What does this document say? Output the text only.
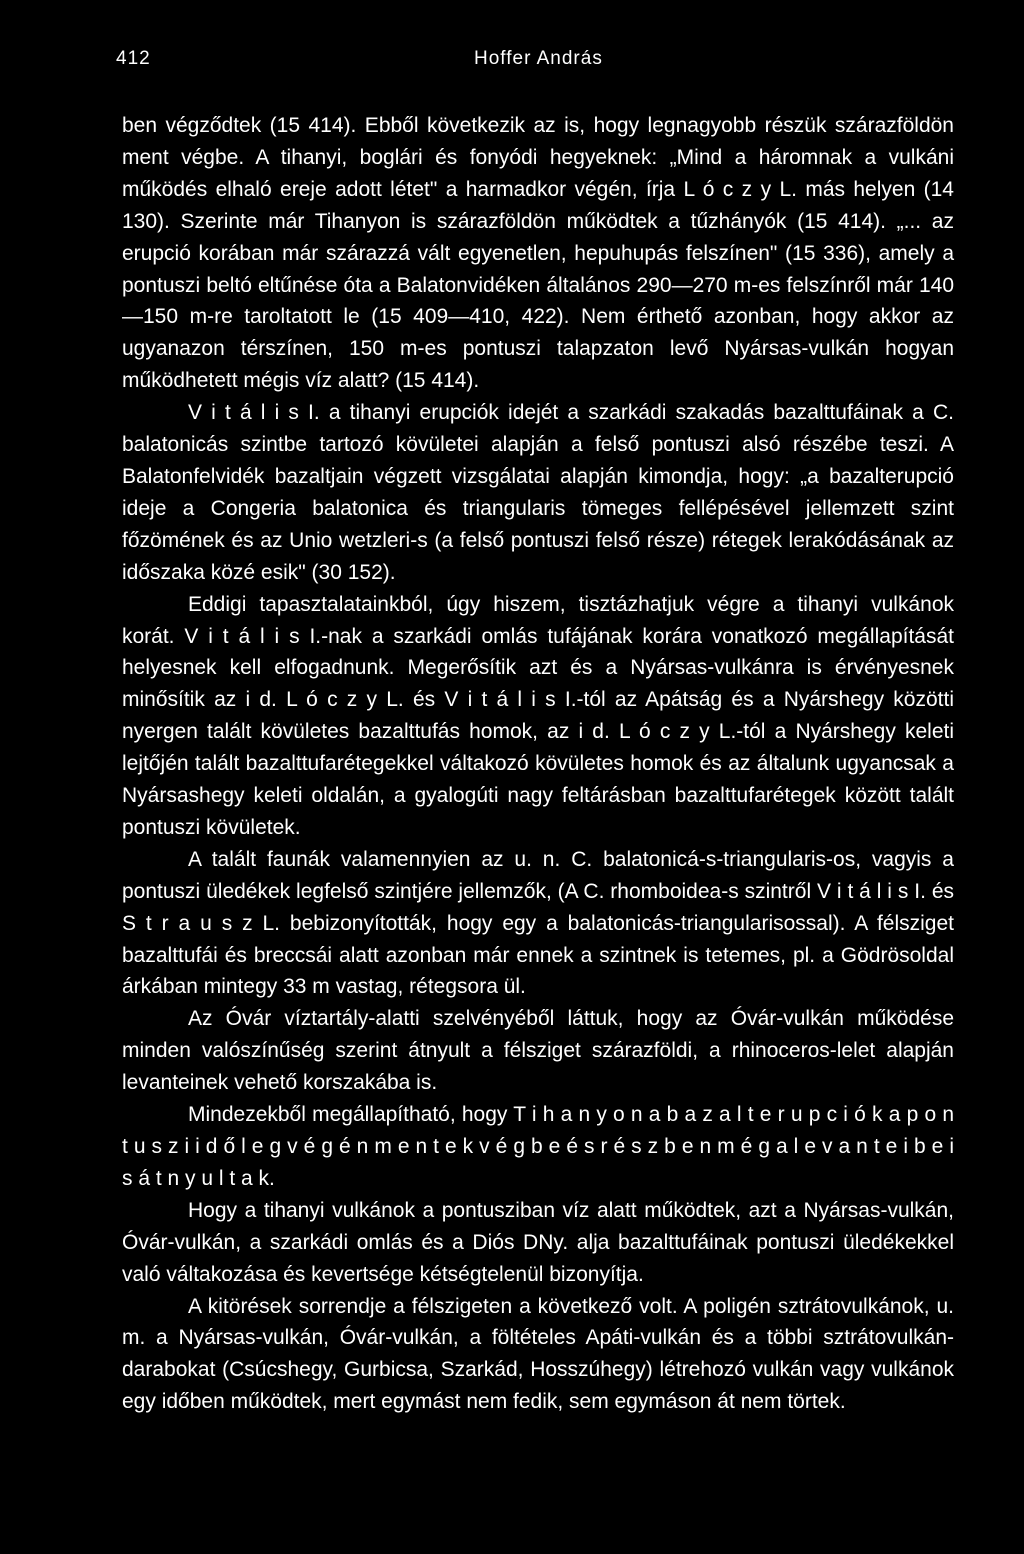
412	Hoffer András

ben végződtek (15 414). Ebből következik az is, hogy legnagyobb részük szárazföldön ment végbe. A tihanyi, boglári és fonyódi hegyeknek: „Mind a háromnak a vulkáni működés elhaló ereje adott létet" a harmadkor végén, írja L ó c z y L. más helyen (14 130). Szerinte már Tihanyon is szárazföldön működtek a tűzhányók (15 414). „... az erupció korában már szárazzá vált egyenetlen, hepuhupás felszínen" (15 336), amely a pontuszi beltó eltűnése óta a Balatonvidéken általános 290—270 m-es felszínről már 140—150 m-re taroltatott le (15 409—410, 422). Nem érthető azonban, hogy akkor az ugyanazon térszínen, 150 m-es pontuszi talapzaton levő Nyársas-vulkán hogyan működhetett mégis víz alatt? (15 414).

V i t á l i s I. a tihanyi erupciók idejét a szarkádi szakadás bazalttufáinak a C. balatonicás szintbe tartozó kövületei alapján a felső pontuszi alsó részébe teszi. A Balatonfelvidék bazaltjain végzett vizsgálatai alapján kimondja, hogy: „a bazalterupció ideje a Congeria balatonica és triangularis tömeges fellépésével jellemzett szint főzömének és az Unio wetzleri-s (a felső pontuszi felső része) rétegek lerakódásának az időszaka közé esik" (30 152).

Eddigi tapasztalatainkból, úgy hiszem, tisztázhatjuk végre a tihanyi vulkánok korát. V i t á l i s I.-nak a szarkádi omlás tufájának korára vonatkozó megállapítását helyesnek kell elfogadnunk. Megerősítik azt és a Nyársas-vulkánra is érvényesnek minősítik az i d. L ó c z y L. és V i t á l i s I.-tól az Apátság és a Nyárshegy közötti nyergen talált kövületes bazalttufás homok, az i d. L ó c z y L.-tól a Nyárshegy keleti lejtőjén talált bazalttufarétegekkel váltakozó kövületes homok és az általunk ugyancsak a Nyársashegy keleti oldalán, a gyalogúti nagy feltárásban bazalttufarétegek között talált pontuszi kövületek.

A talált faunák valamennyien az u. n. C. balatonicá-s-triangularis-os, vagyis a pontuszi üledékek legfelső szintjére jellemzők, (A C. rhomboidea-s szintről V i t á l i s I. és S t r a u s z L. bebizonyították, hogy egy a balatonicás-triangularisossal). A félsziget bazalttufái és breccsái alatt azonban már ennek a szintnek is tetemes, pl. a Gödrösoldal árkában mintegy 33 m vastag, rétegsora ül.

Az Óvár víztartály-alatti szelvényéből láttuk, hogy az Óvár-vulkán működése minden valószínűség szerint átnyult a félsziget szárazföldi, a rhinoceros-lelet alapján levanteinek vehető korszakába is.

Mindezekből megállapítható, hogy T i h a n y o n a b a z a l t e r u p c i ó k a p o n t u s z i i d ő l e g v é g é n m e n t e k v é g b e é s r é s z b e n m é g a l e v a n t e i b e i s á t n y u l t a k.

Hogy a tihanyi vulkánok a pontusziban víz alatt működtek, azt a Nyársas-vulkán, Óvár-vulkán, a szarkádi omlás és a Diós DNy. alja bazalttufáinak pontuszi üledékekkel való váltakozása és kevertsége kétségtelenül bizonyítja.

A kitörések sorrendje a félszigeten a következő volt. A poligén sztrátovulkánok, u. m. a Nyársas-vulkán, Óvár-vulkán, a föltételes Apáti-vulkán és a többi sztrátovulkán-darabokat (Csúcshegy, Gurbicsa, Szarkád, Hosszúhegy) létrehozó vulkán vagy vulkánok egy időben működtek, mert egymást nem fedik, sem egymáson át nem törtek.
